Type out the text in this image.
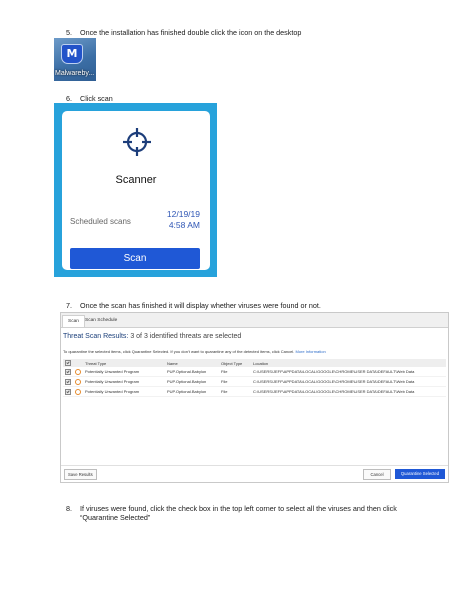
5. Once the installation has finished double click the icon on the desktop
M
Malwareby...
6. Click scan
Scanner
Scheduled scans
12/19/19
4:58 AM
Scan
7. Once the scan has finished it will display whether viruses were found or not.
Scan	Scan Schedule
Threat Scan Results: 3 of 3 identified threats are selected
To quarantine the selected items, click Quarantine Selected. If you don't want to quarantine any of the detected items, click Cancel. More Information
		Threat Type	Name	Object Type	Location
		Potentially Unwanted Program	PUP.Optional.Babylon	File	C:\USERS\JEFF\APPDATA\LOCAL\GOOGLE\CHROME\USER DATA\DEFAULT\Web Data
		Potentially Unwanted Program	PUP.Optional.Babylon	File	C:\USERS\JEFF\APPDATA\LOCAL\GOOGLE\CHROME\USER DATA\DEFAULT\Web Data
		Potentially Unwanted Program	PUP.Optional.Babylon	File	C:\USERS\JEFF\APPDATA\LOCAL\GOOGLE\CHROME\USER DATA\DEFAULT\Web Data
Save Results	Cancel	Quarantine Selected
8. If viruses were found, click the check box in the top left corner to select all the viruses and then click
“Quarantine Selected”
